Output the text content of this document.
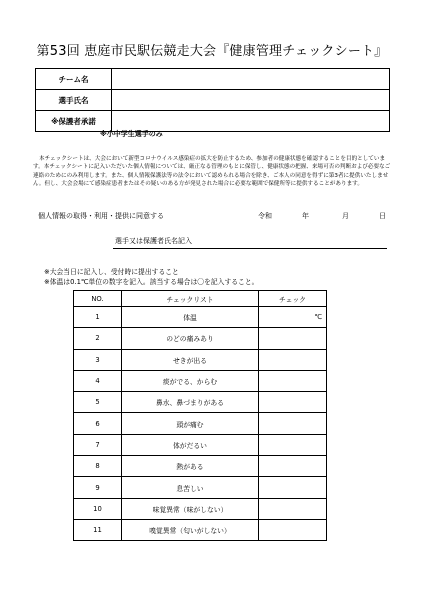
第53回 恵庭市民駅伝競走大会『健康管理チェックシート』
チーム名	
選手氏名	
※保護者承諾	
※小中学生選手のみ

本チェックシートは、大会において新型コロナウイルス感染症の拡大を防止するため、参加者の健康状態を確認することを目的としています。本チェックシートに記入いただいた個人情報については、厳正なる管理のもとに保管し、健康状態の把握、来場可否の判断および必要なご連絡のためにのみ利用します。また、個人情報保護法等の法令において認められる場合を除き、ご本人の同意を得ずに第3者に提供いたしません。但し、大会会場にて感染症患者またはその疑いのある方が発見された場合に必要な範囲で保健所等に提供することがあります。

個人情報の取得・利用・提供に同意する	令和	年	月	日
選手又は保護者氏名記入
※大会当日に記入し、受付時に提出すること
※体温は0.1℃単位の数字を記入。該当する場合は〇を記入すること。
NO.	チェックリスト	チェック
1	体温	℃
2	のどの痛みあり	
3	せきが出る	
4	痰がでる、からむ	
5	鼻水、鼻づまりがある	
6	頭が痛む	
7	体がだるい	
8	熱がある	
9	息苦しい	
10	味覚異常（味がしない）	
11	嗅覚異常（匂いがしない）	
